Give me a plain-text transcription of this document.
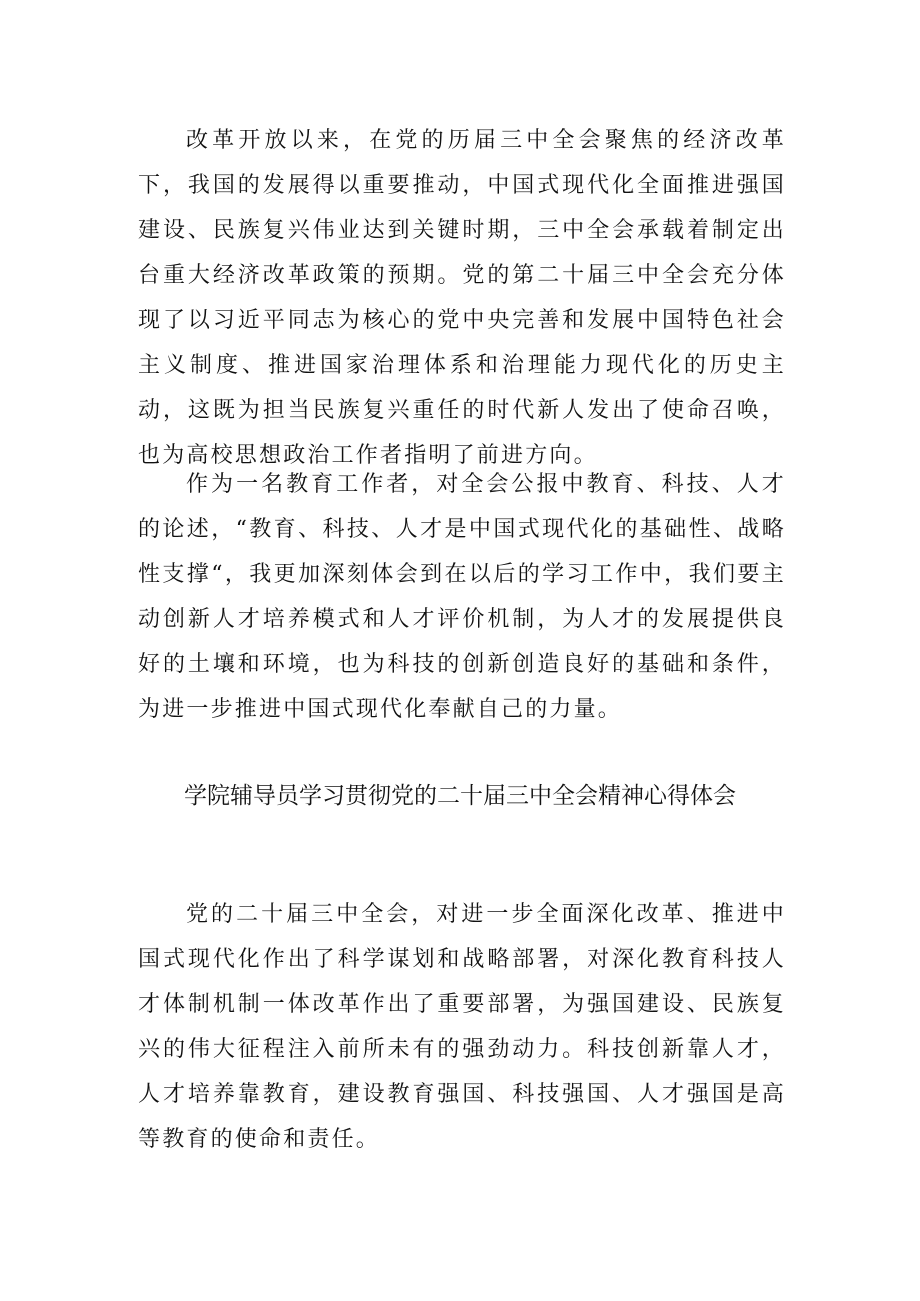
改革开放以来，在党的历届三中全会聚焦的经济改革下，我国的发展得以重要推动，中国式现代化全面推进强国建设、民族复兴伟业达到关键时期，三中全会承载着制定出台重大经济改革政策的预期。党的第二十届三中全会充分体现了以习近平同志为核心的党中央完善和发展中国特色社会主义制度、推进国家治理体系和治理能力现代化的历史主动，这既为担当民族复兴重任的时代新人发出了使命召唤，也为高校思想政治工作者指明了前进方向。

作为一名教育工作者，对全会公报中教育、科技、人才的论述，“教育、科技、人才是中国式现代化的基础性、战略性支撑“，我更加深刻体会到在以后的学习工作中，我们要主动创新人才培养模式和人才评价机制，为人才的发展提供良好的土壤和环境，也为科技的创新创造良好的基础和条件，为进一步推进中国式现代化奉献自己的力量。

学院辅导员学习贯彻党的二十届三中全会精神心得体会

党的二十届三中全会，对进一步全面深化改革、推进中国式现代化作出了科学谋划和战略部署，对深化教育科技人才体制机制一体改革作出了重要部署，为强国建设、民族复兴的伟大征程注入前所未有的强劲动力。科技创新靠人才，人才培养靠教育，建设教育强国、科技强国、人才强国是高等教育的使命和责任。
